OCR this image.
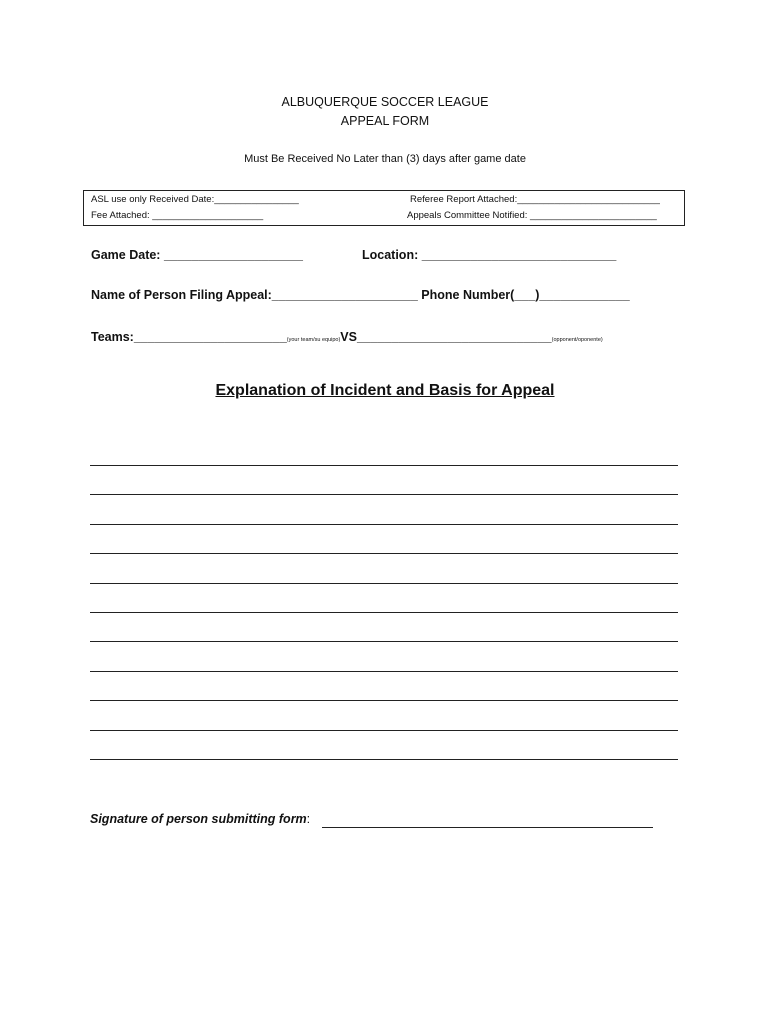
ALBUQUERQUE SOCCER LEAGUE
APPEAL FORM
Must Be Received No Later than (3) days after game date
ASL use only Received Date:________________
Fee Attached: _____________________
Referee Report Attached:___________________________
Appeals Committee Notified: ________________________
Game Date: ____________________	Location: ____________________________
Name of Person Filing Appeal:_____________________ Phone Number(___)_____________
Teams:______________________(your team/su equipo)VS____________________________(opponent/oponente)
Explanation of Incident and Basis for Appeal
Signature of person submitting form:
